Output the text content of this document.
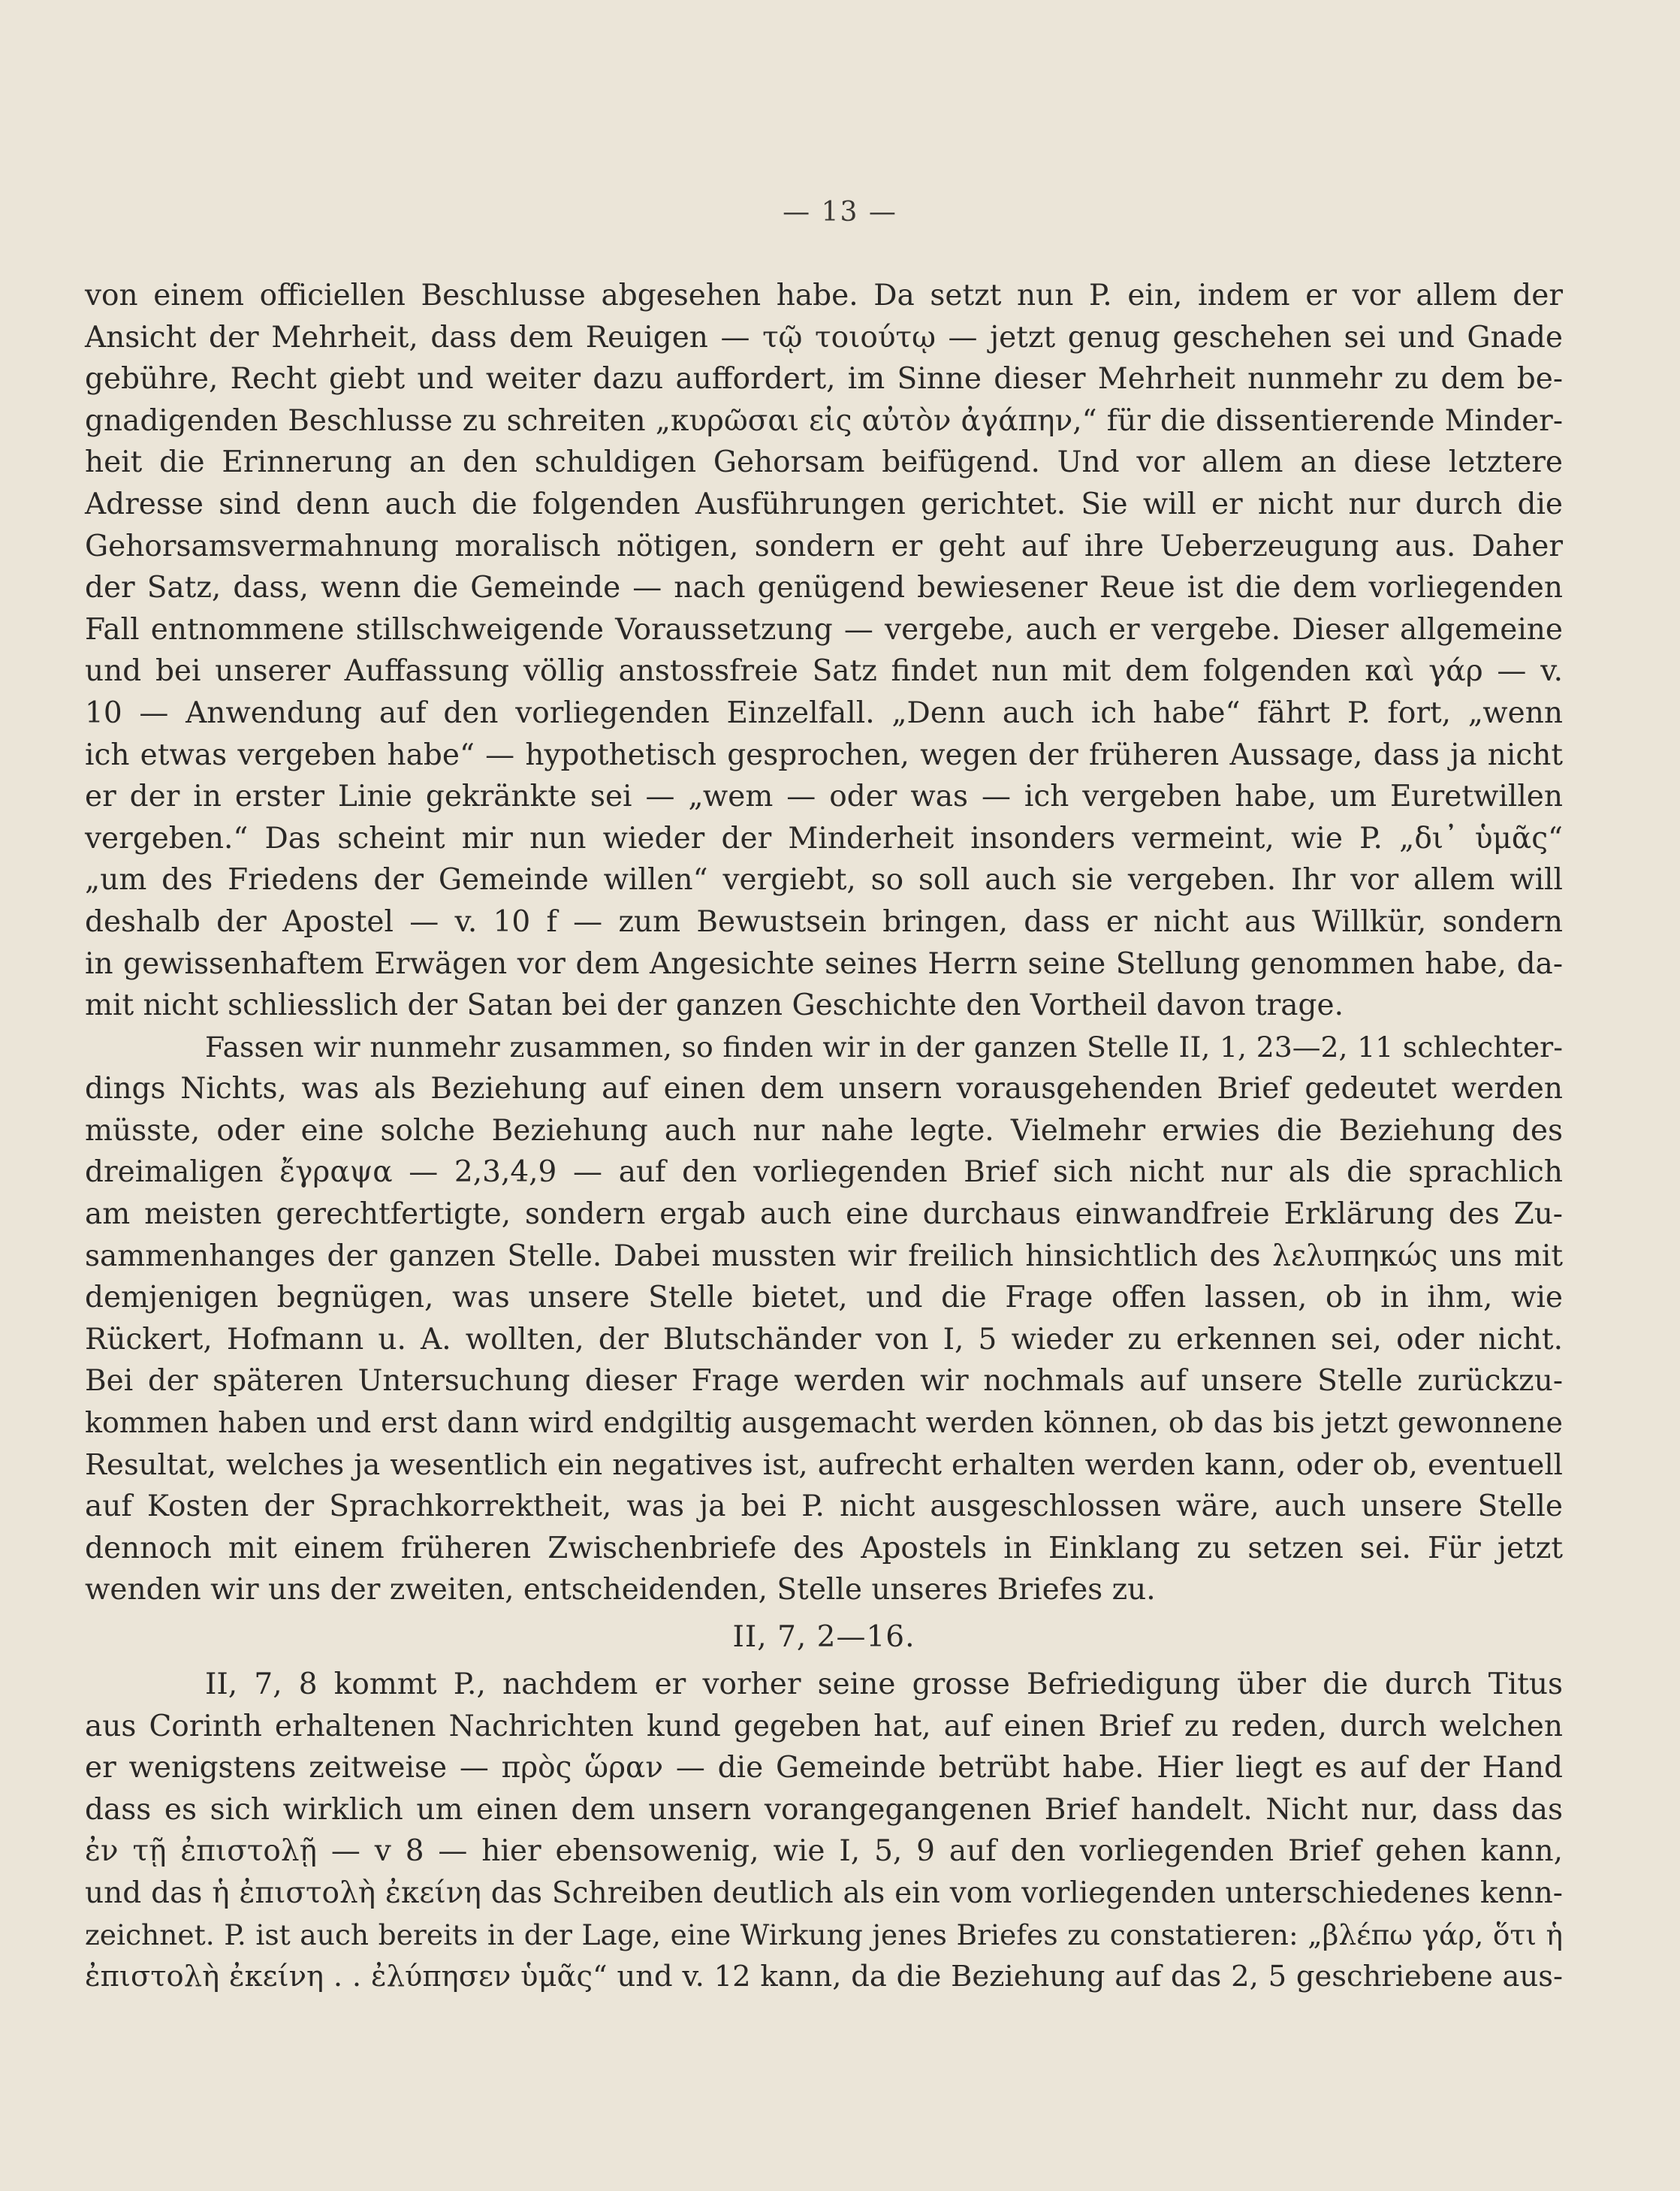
— 13 —
von einem officiellen Beschlusse abgesehen habe. Da setzt nun P. ein, indem er vor allem der
Ansicht der Mehrheit, dass dem Reuigen — τῷ τοιούτῳ — jetzt genug geschehen sei und Gnade
gebühre, Recht giebt und weiter dazu auffordert, im Sinne dieser Mehrheit nunmehr zu dem be-
gnadigenden Beschlusse zu schreiten „κυρῶσαι εἰς αὐτὸν ἀγάπην,“ für die dissentierende Minder-
heit die Erinnerung an den schuldigen Gehorsam beifügend. Und vor allem an diese letztere
Adresse sind denn auch die folgenden Ausführungen gerichtet. Sie will er nicht nur durch die
Gehorsamsvermahnung moralisch nötigen, sondern er geht auf ihre Ueberzeugung aus. Daher
der Satz, dass, wenn die Gemeinde — nach genügend bewiesener Reue ist die dem vorliegenden
Fall entnommene stillschweigende Voraussetzung — vergebe, auch er vergebe. Dieser allgemeine
und bei unserer Auffassung völlig anstossfreie Satz findet nun mit dem folgenden καὶ γάρ — v.
10 — Anwendung auf den vorliegenden Einzelfall. „Denn auch ich habe“ fährt P. fort, „wenn
ich etwas vergeben habe“ — hypothetisch gesprochen, wegen der früheren Aussage, dass ja nicht
er der in erster Linie gekränkte sei — „wem — oder was — ich vergeben habe, um Euretwillen
vergeben.“ Das scheint mir nun wieder der Minderheit insonders vermeint, wie P. „δι᾽ ὑμᾶς“
„um des Friedens der Gemeinde willen“ vergiebt, so soll auch sie vergeben. Ihr vor allem will
deshalb der Apostel — v. 10 f — zum Bewustsein bringen, dass er nicht aus Willkür, sondern
in gewissenhaftem Erwägen vor dem Angesichte seines Herrn seine Stellung genommen habe, da-
mit nicht schliesslich der Satan bei der ganzen Geschichte den Vortheil davon trage.
Fassen wir nunmehr zusammen, so finden wir in der ganzen Stelle II, 1, 23—2, 11 schlechter-
dings Nichts, was als Beziehung auf einen dem unsern vorausgehenden Brief gedeutet werden
müsste, oder eine solche Beziehung auch nur nahe legte. Vielmehr erwies die Beziehung des
dreimaligen ἔγραψα — 2,3,4,9 — auf den vorliegenden Brief sich nicht nur als die sprachlich
am meisten gerechtfertigte, sondern ergab auch eine durchaus einwandfreie Erklärung des Zu-
sammenhanges der ganzen Stelle. Dabei mussten wir freilich hinsichtlich des λελυπηκώς uns mit
demjenigen begnügen, was unsere Stelle bietet, und die Frage offen lassen, ob in ihm, wie
Rückert, Hofmann u. A. wollten, der Blutschänder von I, 5 wieder zu erkennen sei, oder nicht.
Bei der späteren Untersuchung dieser Frage werden wir nochmals auf unsere Stelle zurückzu-
kommen haben und erst dann wird endgiltig ausgemacht werden können, ob das bis jetzt gewonnene
Resultat, welches ja wesentlich ein negatives ist, aufrecht erhalten werden kann, oder ob, eventuell
auf Kosten der Sprachkorrektheit, was ja bei P. nicht ausgeschlossen wäre, auch unsere Stelle
dennoch mit einem früheren Zwischenbriefe des Apostels in Einklang zu setzen sei. Für jetzt
wenden wir uns der zweiten, entscheidenden, Stelle unseres Briefes zu.
II, 7, 2—16.
II, 7, 8 kommt P., nachdem er vorher seine grosse Befriedigung über die durch Titus
aus Corinth erhaltenen Nachrichten kund gegeben hat, auf einen Brief zu reden, durch welchen
er wenigstens zeitweise — πρὸς ὥραν — die Gemeinde betrübt habe. Hier liegt es auf der Hand
dass es sich wirklich um einen dem unsern vorangegangenen Brief handelt. Nicht nur, dass das
ἐν τῇ ἐπιστολῇ — v 8 — hier ebensowenig, wie I, 5, 9 auf den vorliegenden Brief gehen kann,
und das ἡ ἐπιστολὴ ἐκείνη das Schreiben deutlich als ein vom vorliegenden unterschiedenes kenn-
zeichnet. P. ist auch bereits in der Lage, eine Wirkung jenes Briefes zu constatieren: „βλέπω γάρ, ὅτι ἡ
ἐπιστολὴ ἐκείνη . . ἐλύπησεν ὑμᾶς“ und v. 12 kann, da die Beziehung auf das 2, 5 geschriebene aus-
